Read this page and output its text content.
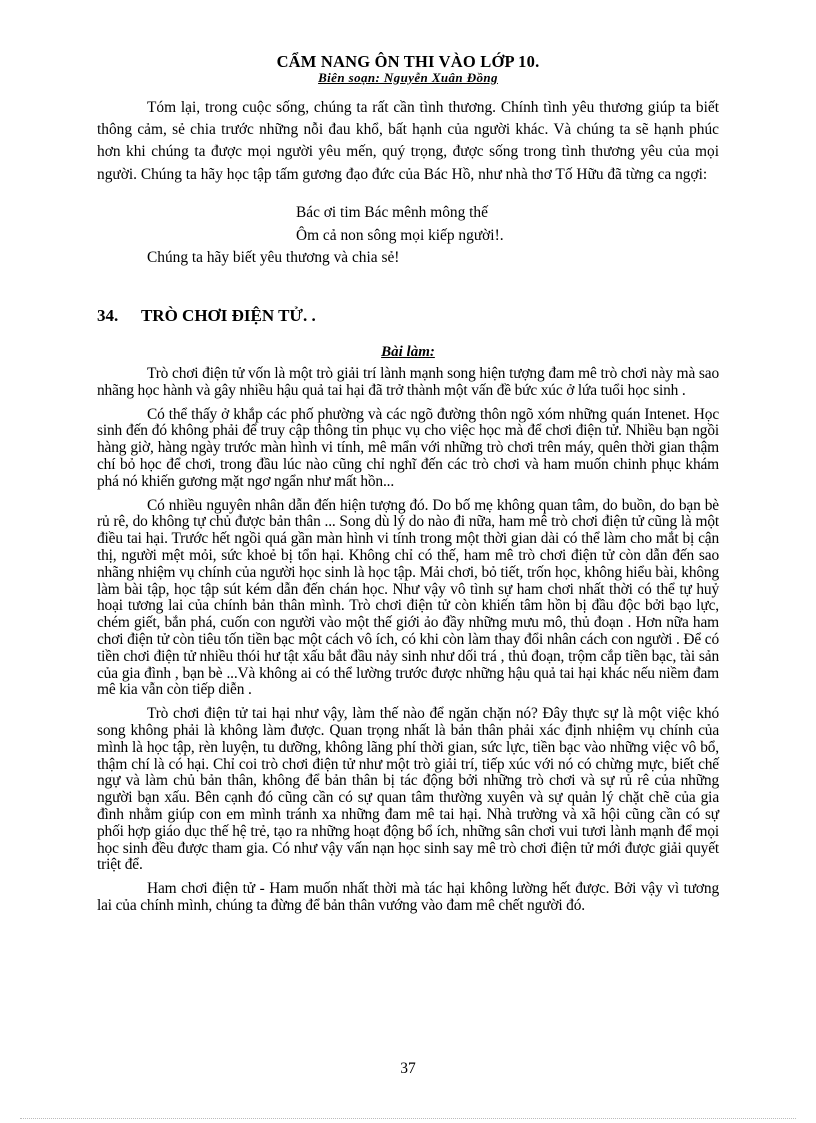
CẨM NANG ÔN THI VÀO LỚP 10.
Biên soạn: Nguyễn Xuân Đồng

Tóm lại, trong cuộc sống, chúng ta rất cần tình thương. Chính tình yêu thương giúp ta biết thông cảm, sẻ chia trước những nỗi đau khổ, bất hạnh của người khác. Và chúng ta sẽ hạnh phúc hơn khi chúng ta được mọi người yêu mến, quý trọng, được sống trong tình thương yêu của mọi người. Chúng ta hãy học tập tấm gương đạo đức của Bác Hồ, như nhà thơ Tố Hữu đã từng ca ngợi:

Bác ơi tim Bác mênh mông thế
Ôm cả non sông mọi kiếp người!.

Chúng ta hãy biết yêu thương và chia sẻ!

34. TRÒ CHƠI ĐIỆN TỬ. .
Bài làm:

Trò chơi điện tử vốn là một trò giải trí lành mạnh song hiện tượng đam mê trò chơi này mà sao nhãng học hành và gây nhiều hậu quả tai hại đã trở thành một vấn đề bức xúc ở lứa tuổi học sinh .

Có thể thấy ở khắp các phố phường và các ngõ đường thôn ngõ xóm những quán Intenet. Học sinh đến đó không phải để truy cập thông tin phục vụ cho việc học mà để chơi điện tử. Nhiều bạn ngồi hàng giờ, hàng ngày trước màn hình vi tính, mê mẩn với những trò chơi trên máy, quên thời gian thậm chí bỏ học để chơi, trong đầu lúc nào cũng chỉ nghĩ đến các trò chơi và ham muốn chinh phục khám phá nó khiến gương mặt ngơ ngẩn như mất hồn...

Có nhiều nguyên nhân dẫn đến hiện tượng đó. Do bố mẹ không quan tâm, do buồn, do bạn bè rủ rê, do không tự chủ được bản thân ... Song dù lý do nào đi nữa, ham mê trò chơi điện tử cũng là một điều tai hại. Trước hết ngồi quá gần màn hình vi tính trong một thời gian dài có thể làm cho mắt bị cận thị, người mệt mỏi, sức khoẻ bị tổn hại. Không chỉ có thế, ham mê trò chơi điện tử còn dẫn đến sao nhãng nhiệm vụ chính của người học sinh là học tập. Mải chơi, bỏ tiết, trốn học, không hiểu bài, không làm bài tập, học tập sút kém dẫn đến chán học. Như vậy vô tình sự ham chơi nhất thời có thể tự huỷ hoại tương lai của chính bản thân mình. Trò chơi điện tử còn khiến tâm hồn bị đầu độc bởi bạo lực, chém giết, bắn phá, cuốn con người vào một thế giới ảo đầy những mưu mô, thủ đoạn . Hơn nữa ham chơi điện tử còn tiêu tốn tiền bạc một cách vô ích, có khi còn làm thay đổi nhân cách con người . Để có tiền chơi điện tử nhiều thói hư tật xấu bắt đầu nảy sinh như dối trá , thủ đoạn, trộm cắp tiền bạc, tài sản của gia đình , bạn bè ...Và không ai có thể lường trước được những hậu quả tai hại khác nếu niềm đam mê kia vẫn còn tiếp diễn .

Trò chơi điện tử tai hại như vậy, làm thế nào để ngăn chặn nó? Đây thực sự là một việc khó song không phải là không làm được. Quan trọng nhất là bản thân phải xác định nhiệm vụ chính của mình là học tập, rèn luyện, tu dưỡng, không lãng phí thời gian, sức lực, tiền bạc vào những việc vô bổ, thậm chí là có hại. Chỉ coi trò chơi điện tử như một trò giải trí, tiếp xúc với nó có chừng mực, biết chế ngự và làm chủ bản thân, không để bản thân bị tác động bởi những trò chơi và sự rủ rê của những người bạn xấu. Bên cạnh đó cũng cần có sự quan tâm thường xuyên và sự quản lý chặt chẽ của gia đình nhằm giúp con em mình tránh xa những đam mê tai hại. Nhà trường và xã hội cũng cần có sự phối hợp giáo dục thế hệ trẻ, tạo ra những hoạt động bổ ích, những sân chơi vui tươi lành mạnh để mọi học sinh đều được tham gia. Có như vậy vấn nạn học sinh say mê trò chơi điện tử mới được giải quyết triệt để.

Ham chơi điện tử - Ham muốn nhất thời mà tác hại không lường hết được. Bởi vậy vì tương lai của chính mình, chúng ta đừng để bản thân vướng vào đam mê chết người đó.

37
